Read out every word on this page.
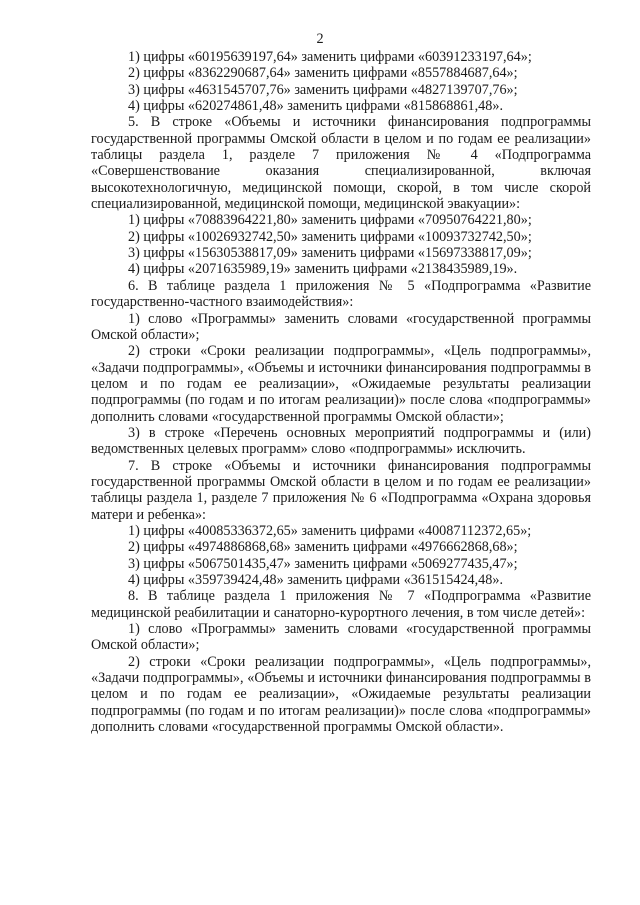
2

1) цифры «60195639197,64» заменить цифрами «60391233197,64»;

2) цифры «8362290687,64» заменить цифрами «8557884687,64»;

3) цифры «4631545707,76» заменить цифрами «4827139707,76»;

4) цифры «620274861,48» заменить цифрами «815868861,48».

5. В строке «Объемы и источники финансирования подпрограммы государственной программы Омской области в целом и по годам ее реализации» таблицы раздела 1, разделе 7 приложения № 4 «Подпрограмма «Совершенствование оказания специализированной, включая высокотехнологичную, медицинской помощи, скорой, в том числе скорой специализированной, медицинской помощи, медицинской эвакуации»:

1) цифры «70883964221,80» заменить цифрами «70950764221,80»;

2) цифры «10026932742,50» заменить цифрами «10093732742,50»;

3) цифры «15630538817,09» заменить цифрами «15697338817,09»;

4) цифры «2071635989,19» заменить цифрами «2138435989,19».

6. В таблице раздела 1 приложения № 5 «Подпрограмма «Развитие государственно-частного взаимодействия»:

1) слово «Программы» заменить словами «государственной программы Омской области»;

2) строки «Сроки реализации подпрограммы», «Цель подпрограммы», «Задачи подпрограммы», «Объемы и источники финансирования подпрограммы в целом и по годам ее реализации», «Ожидаемые результаты реализации подпрограммы (по годам и по итогам реализации)» после слова «подпрограммы» дополнить словами «государственной программы Омской области»;

3) в строке «Перечень основных мероприятий подпрограммы и (или) ведомственных целевых программ» слово «подпрограммы» исключить.

7. В строке «Объемы и источники финансирования подпрограммы государственной программы Омской области в целом и по годам ее реализации» таблицы раздела 1, разделе 7 приложения № 6 «Подпрограмма «Охрана здоровья матери и ребенка»:

1) цифры «40085336372,65» заменить цифрами «40087112372,65»;

2) цифры «4974886868,68» заменить цифрами «4976662868,68»;

3) цифры «5067501435,47» заменить цифрами «5069277435,47»;

4) цифры «359739424,48» заменить цифрами «361515424,48».

8. В таблице раздела 1 приложения № 7 «Подпрограмма «Развитие медицинской реабилитации и санаторно-курортного лечения, в том числе детей»:

1) слово «Программы» заменить словами «государственной программы Омской области»;

2) строки «Сроки реализации подпрограммы», «Цель подпрограммы», «Задачи подпрограммы», «Объемы и источники финансирования подпрограммы в целом и по годам ее реализации», «Ожидаемые результаты реализации подпрограммы (по годам и по итогам реализации)» после слова «подпрограммы» дополнить словами «государственной программы Омской области».
